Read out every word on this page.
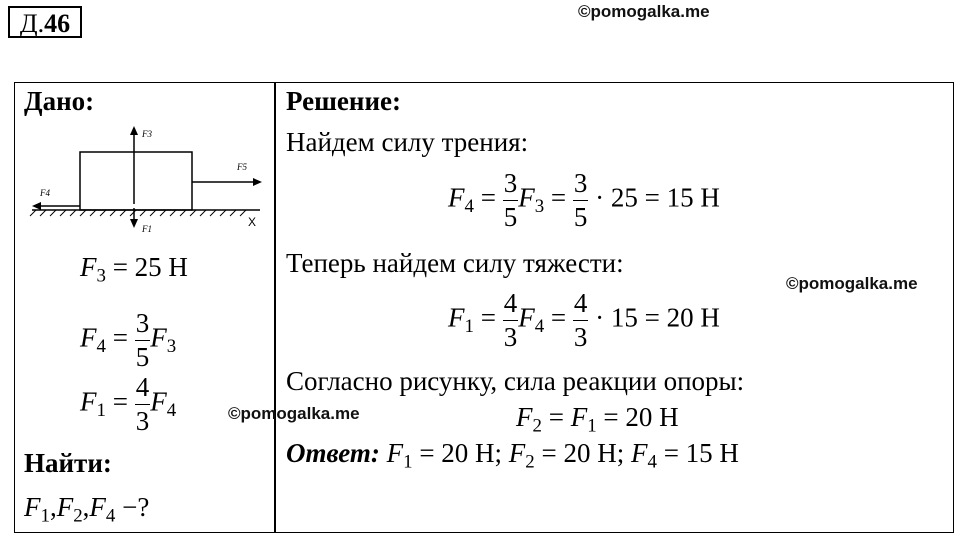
Д.46	©pomogalka.me
Дано:
F3
F5
F4
F1	X
$F_3 = 25$ Н
$F_4 = \frac{3}{5} F_3$
$F_1 = \frac{4}{3} F_4$	©pomogalka.me
Найти:
$F_1,F_2,F_4$ −?
Решение:
Найдем силу трения:
$F_4 = \frac{3}{5} F_3 = \frac{3}{5} \cdot 25 = 15$ Н
Теперь найдем силу тяжести:
©pomogalka.me
$F_1 = \frac{4}{3} F_4 = \frac{4}{3} \cdot 15 = 20$ Н
Согласно рисунку, сила реакции опоры:
$F_2 = F_1 = 20$ Н
Ответ: $F_1 = 20$ Н; $F_2 = 20$ Н; $F_4 = 15$ Н
